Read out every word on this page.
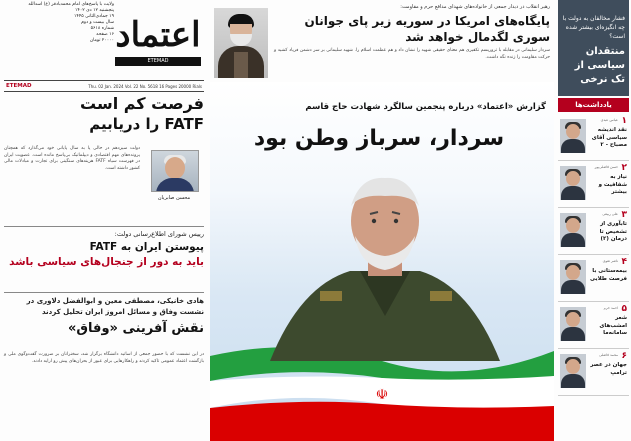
ولایت با پاسخ‌های امام محمدبادقر (ع) اسدالله
پنجشنبه ۱۲ دی ۱۴۰۲
۱۹ جمادی‌الثانی ۱۴۴۵
سال بیست و دوم
شماره ۵۶۱۸
۱۶ صفحه
۲۰۰۰۰ تومان اعتماد
ETEMAD
ETEMAD	Thu. 02 Jan. 2024 Vol. 22 No. 5618 16 Pages 20000 Rials
فرصت کم است
FATF را دریابیم
دولت سیزدهم در حالی پا به سال پایانی خود می‌گذارد که همچنان پرونده‌های مهم اقتصادی و دیپلماتیک بی‌پاسخ مانده است. عضویت ایران در فهرست سیاه FATF هزینه‌های سنگینی برای تجارت و مبادلات مالی کشور داشته است.
محسن صابریان
رییس شورای اطلاع‌رسانی دولت:
پیوستن ایران به FATF
باید به دور از جنجال‌های سیاسی باشد
هادی خانیکی، مصطفی معین و ابوالفضل دلاوری در نشست وفاق و مسائل امروز ایران تحلیل کردند
نقش آفرینی «وفاق»
در این نشست که با حضور جمعی از اساتید دانشگاه برگزار شد، سخنرانان بر ضرورت گفت‌وگوی ملی و بازگشت اعتماد عمومی تاکید کردند و راهکارهایی برای عبور از بحران‌های پیش رو ارایه دادند.
رهبر انقلاب در دیدار جمعی از خانواده‌های شهدای مدافع حرم و مقاومت:
پایگاه‌های امریکا در سوریه زیر پای جوانان سوری لگدمال خواهد شد
سردار سلیمانی در مقابله با تروریسم تکفیری هم معنای حقیقی شهید را نشان داد و هم عظمت اسلام را. شهید سلیمانی بر سر دشمن فریاد کشید و حرکت مقاومت را زنده نگه داشت.
گزارش «اعتماد» درباره پنجمین سالگرد شهادت حاج قاسم
سردار، سرباز وطن بود
☫
فشار مخالفان به دولت با چه انگیزه‌ای بیشتر شده است؟
منتقدان سیاسی از تک نرخی
یادداشت‌ها
۱
عباس عبدی
نقد اندیشه سیاسی آقای مصباح - ۲
۲
حسن فاضلی‌پور
نیاز به شفافیت و بیشتر
۳
علی ربیعی
تابآوری‌ از تشخیص تا درمان (۲)
۴
ناصر تقوی
بیمه‌ستانی با فرصت طلایی
۵
احمد خرم
شعر امشب‌های سامانه‌ما
۶
محمد فاضلی
جهان در عصر ترامپ
